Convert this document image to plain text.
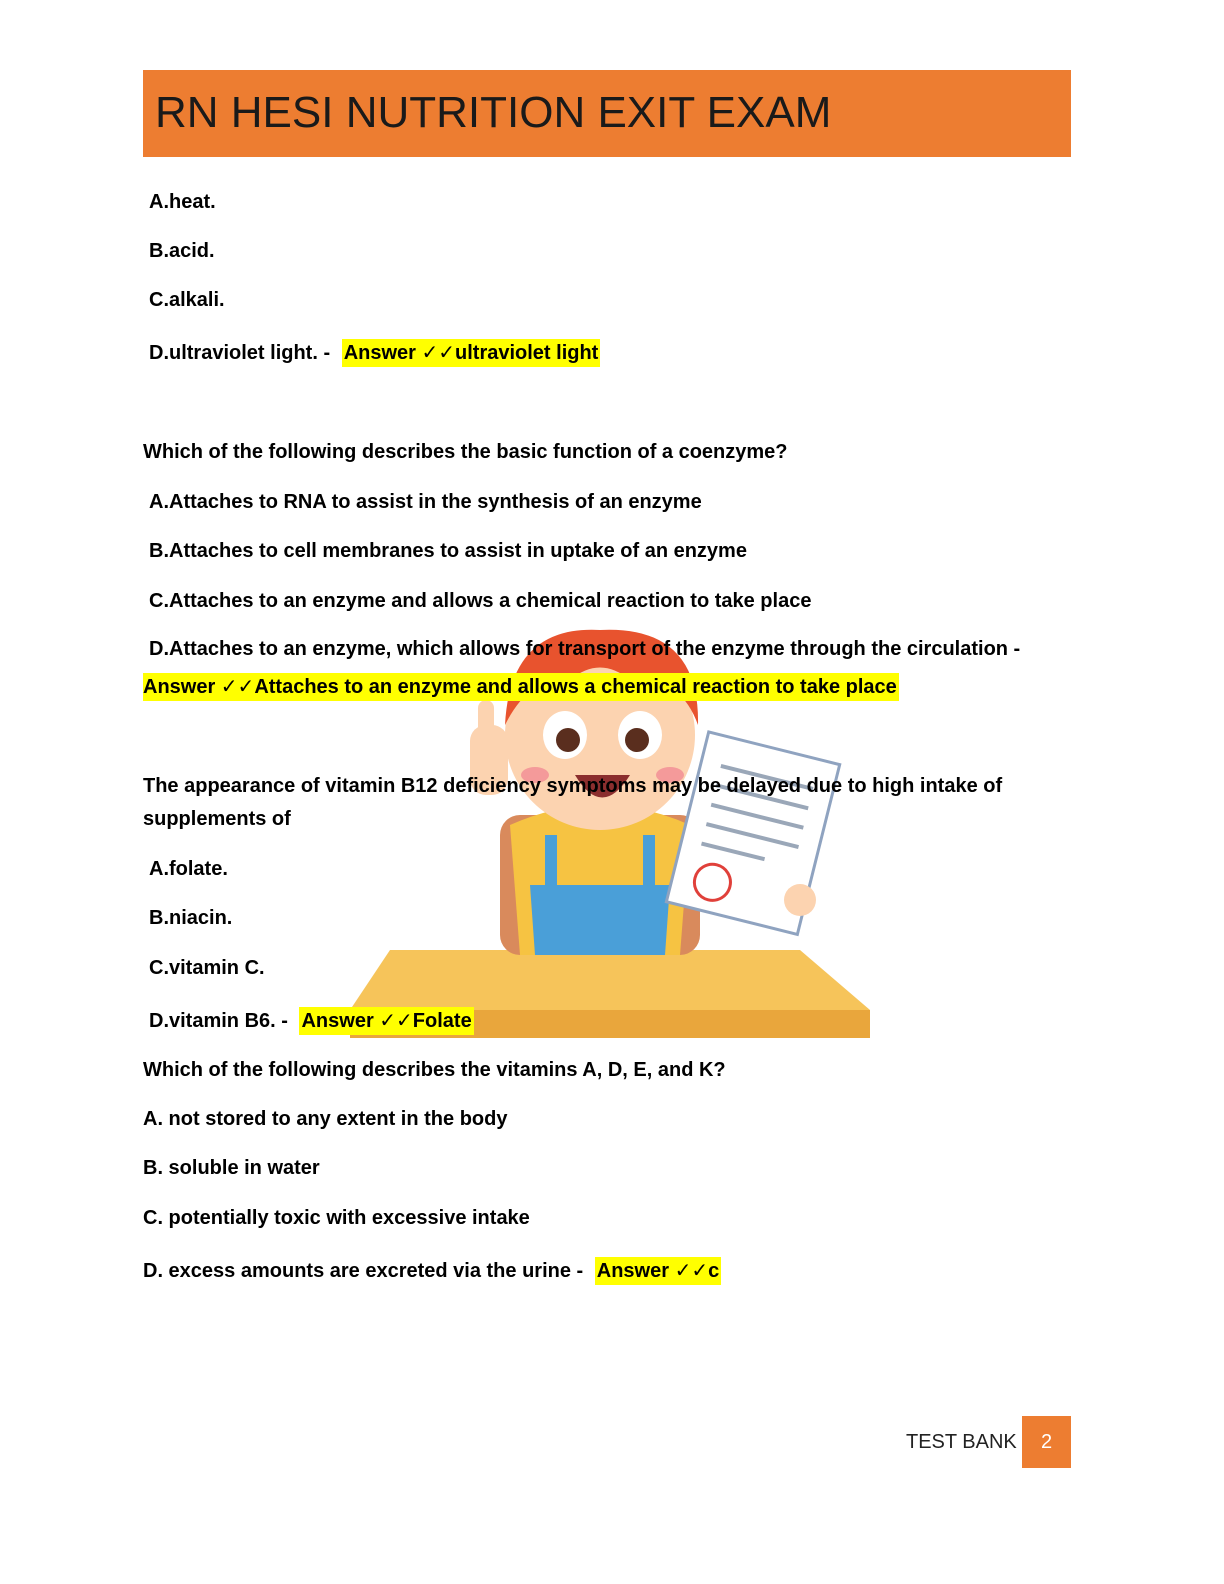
RN HESI NUTRITION EXIT EXAM
A.heat.
B.acid.
C.alkali.
D.ultraviolet light. - Answer ✓✓ultraviolet light
Which of the following describes the basic function of a coenzyme?
A.Attaches to RNA to assist in the synthesis of an enzyme
B.Attaches to cell membranes to assist in uptake of an enzyme
C.Attaches to an enzyme and allows a chemical reaction to take place
D.Attaches to an enzyme, which allows for transport of the enzyme through the circulation -
Answer ✓✓Attaches to an enzyme and allows a chemical reaction to take place
The appearance of vitamin B12 deficiency symptoms may be delayed due to high intake of
supplements of
A.folate.
B.niacin.
C.vitamin C.
D.vitamin B6. - Answer ✓✓Folate
Which of the following describes the vitamins A, D, E, and K?
A. not stored to any extent in the body
B. soluble in water
C. potentially toxic with excessive intake
D. excess amounts are excreted via the urine - Answer ✓✓c
TEST BANK	2
